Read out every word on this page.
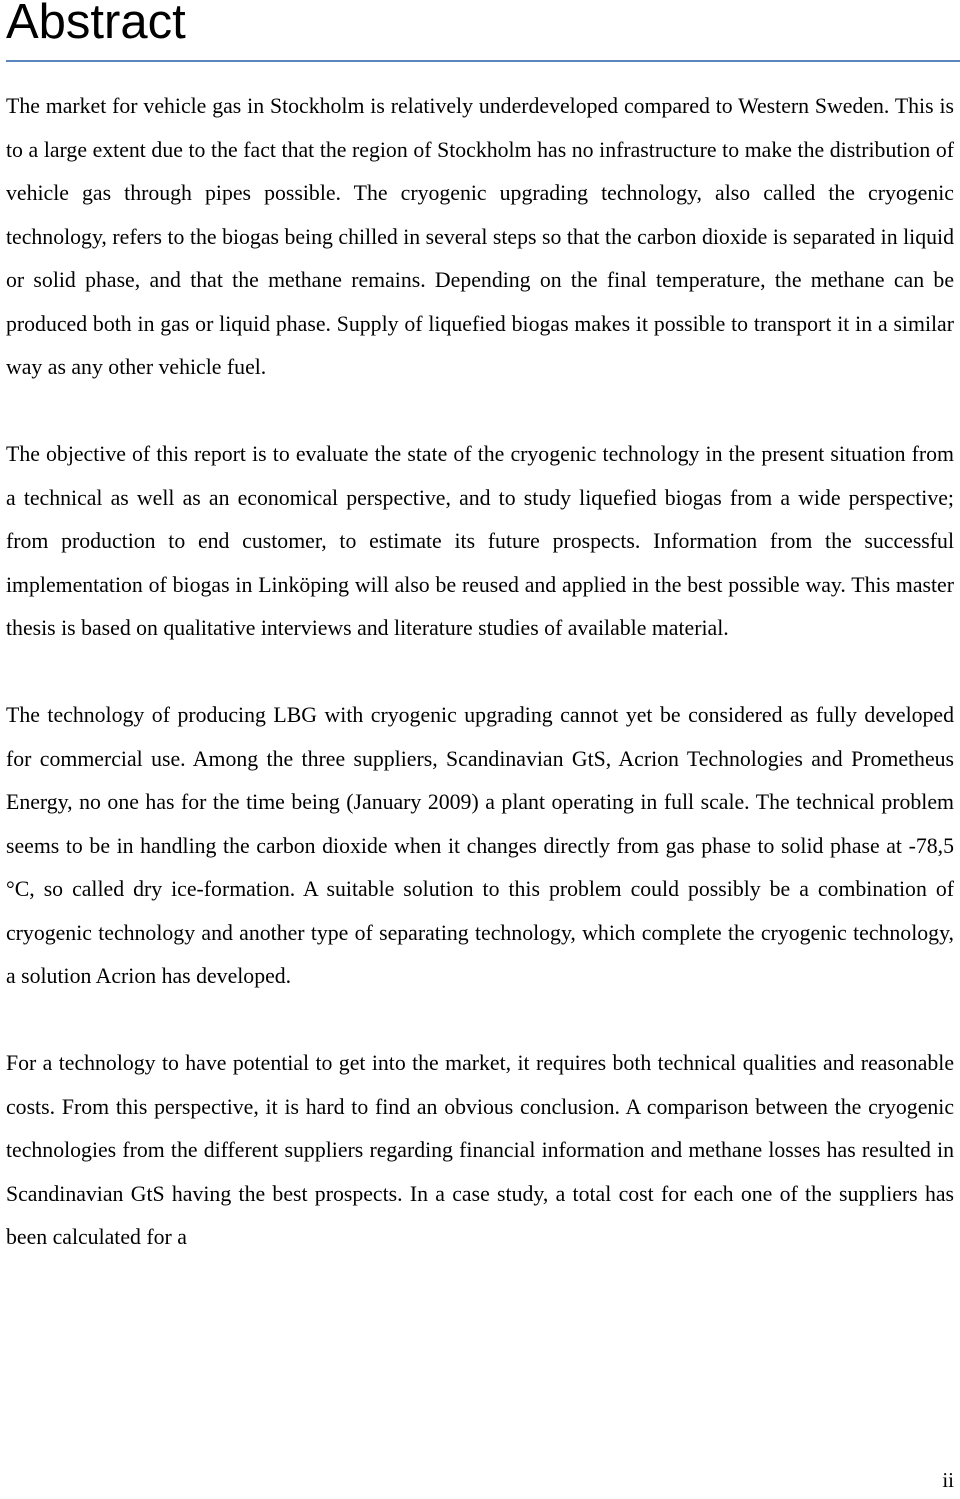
Abstract

The market for vehicle gas in Stockholm is relatively underdeveloped compared to Western Sweden. This is to a large extent due to the fact that the region of Stockholm has no infrastructure to make the distribution of vehicle gas through pipes possible. The cryogenic upgrading technology, also called the cryogenic technology, refers to the biogas being chilled in several steps so that the carbon dioxide is separated in liquid or solid phase, and that the methane remains. Depending on the final temperature, the methane can be produced both in gas or liquid phase. Supply of liquefied biogas makes it possible to transport it in a similar way as any other vehicle fuel.

The objective of this report is to evaluate the state of the cryogenic technology in the present situation from a technical as well as an economical perspective, and to study liquefied biogas from a wide perspective; from production to end customer, to estimate its future prospects. Information from the successful implementation of biogas in Linköping will also be reused and applied in the best possible way. This master thesis is based on qualitative interviews and literature studies of available material.

The technology of producing LBG with cryogenic upgrading cannot yet be considered as fully developed for commercial use. Among the three suppliers, Scandinavian GtS, Acrion Technologies and Prometheus Energy, no one has for the time being (January 2009) a plant operating in full scale. The technical problem seems to be in handling the carbon dioxide when it changes directly from gas phase to solid phase at -78,5 °C, so called dry ice-formation. A suitable solution to this problem could possibly be a combination of cryogenic technology and another type of separating technology, which complete the cryogenic technology, a solution Acrion has developed.

For a technology to have potential to get into the market, it requires both technical qualities and reasonable costs. From this perspective, it is hard to find an obvious conclusion. A comparison between the cryogenic technologies from the different suppliers regarding financial information and methane losses has resulted in Scandinavian GtS having the best prospects. In a case study, a total cost for each one of the suppliers has been calculated for a

ii
